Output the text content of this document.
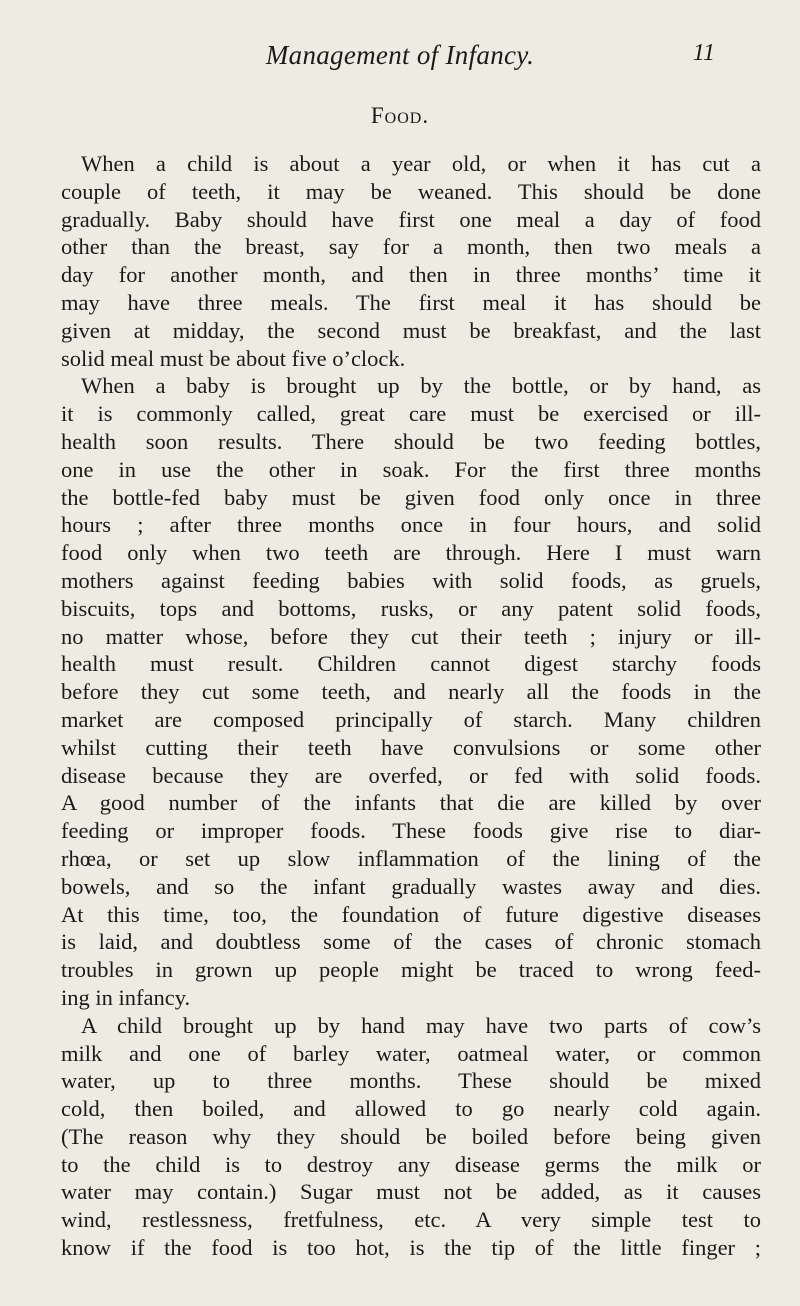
Management of Infancy.	11
Food.
When a child is about a year old, or when it has cut a
couple of teeth, it may be weaned. This should be done
gradually. Baby should have first one meal a day of food
other than the breast, say for a month, then two meals a
day for another month, and then in three months’ time it
may have three meals. The first meal it has should be
given at midday, the second must be breakfast, and the last
solid meal must be about five o’clock.
When a baby is brought up by the bottle, or by hand, as
it is commonly called, great care must be exercised or ill-
health soon results. There should be two feeding bottles,
one in use the other in soak. For the first three months
the bottle-fed baby must be given food only once in three
hours ; after three months once in four hours, and solid
food only when two teeth are through. Here I must warn
mothers against feeding babies with solid foods, as gruels,
biscuits, tops and bottoms, rusks, or any patent solid foods,
no matter whose, before they cut their teeth ; injury or ill-
health must result. Children cannot digest starchy foods
before they cut some teeth, and nearly all the foods in the
market are composed principally of starch. Many children
whilst cutting their teeth have convulsions or some other
disease because they are overfed, or fed with solid foods.
A good number of the infants that die are killed by over
feeding or improper foods. These foods give rise to diar-
rhœa, or set up slow inflammation of the lining of the
bowels, and so the infant gradually wastes away and dies.
At this time, too, the foundation of future digestive diseases
is laid, and doubtless some of the cases of chronic stomach
troubles in grown up people might be traced to wrong feed-
ing in infancy.
A child brought up by hand may have two parts of cow’s
milk and one of barley water, oatmeal water, or common
water, up to three months. These should be mixed
cold, then boiled, and allowed to go nearly cold again.
(The reason why they should be boiled before being given
to the child is to destroy any disease germs the milk or
water may contain.) Sugar must not be added, as it causes
wind, restlessness, fretfulness, etc. A very simple test to
know if the food is too hot, is the tip of the little finger ;
